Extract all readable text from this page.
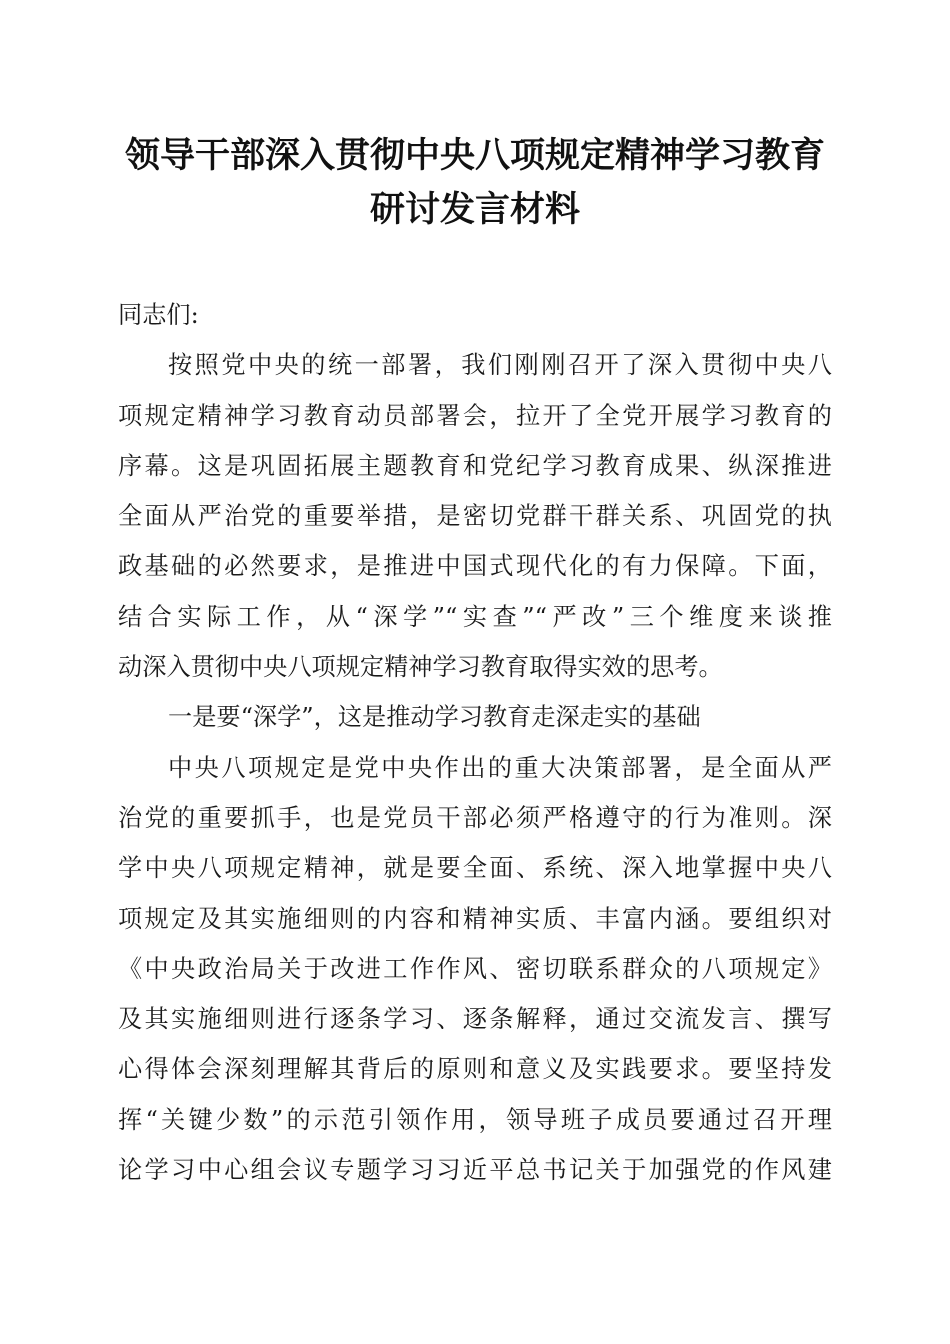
领导干部深入贯彻中央八项规定精神学习教育
研讨发言材料
同志们:
按照党中央的统一部署，我们刚刚召开了深入贯彻中央八
项规定精神学习教育动员部署会，拉开了全党开展学习教育的
序幕。这是巩固拓展主题教育和党纪学习教育成果、纵深推进
全面从严治党的重要举措，是密切党群干群关系、巩固党的执
政基础的必然要求，是推进中国式现代化的有力保障。下面，
结合实际工作，从“深学”“实查”“严改”三个维度来谈推
动深入贯彻中央八项规定精神学习教育取得实效的思考。
一是要“深学”，这是推动学习教育走深走实的基础
中央八项规定是党中央作出的重大决策部署，是全面从严
治党的重要抓手，也是党员干部必须严格遵守的行为准则。深
学中央八项规定精神，就是要全面、系统、深入地掌握中央八
项规定及其实施细则的内容和精神实质、丰富内涵。要组织对
《中央政治局关于改进工作作风、密切联系群众的八项规定》
及其实施细则进行逐条学习、逐条解释，通过交流发言、撰写
心得体会深刻理解其背后的原则和意义及实践要求。要坚持发
挥“关键少数”的示范引领作用，领导班子成员要通过召开理
论学习中心组会议专题学习习近平总书记关于加强党的作风建
